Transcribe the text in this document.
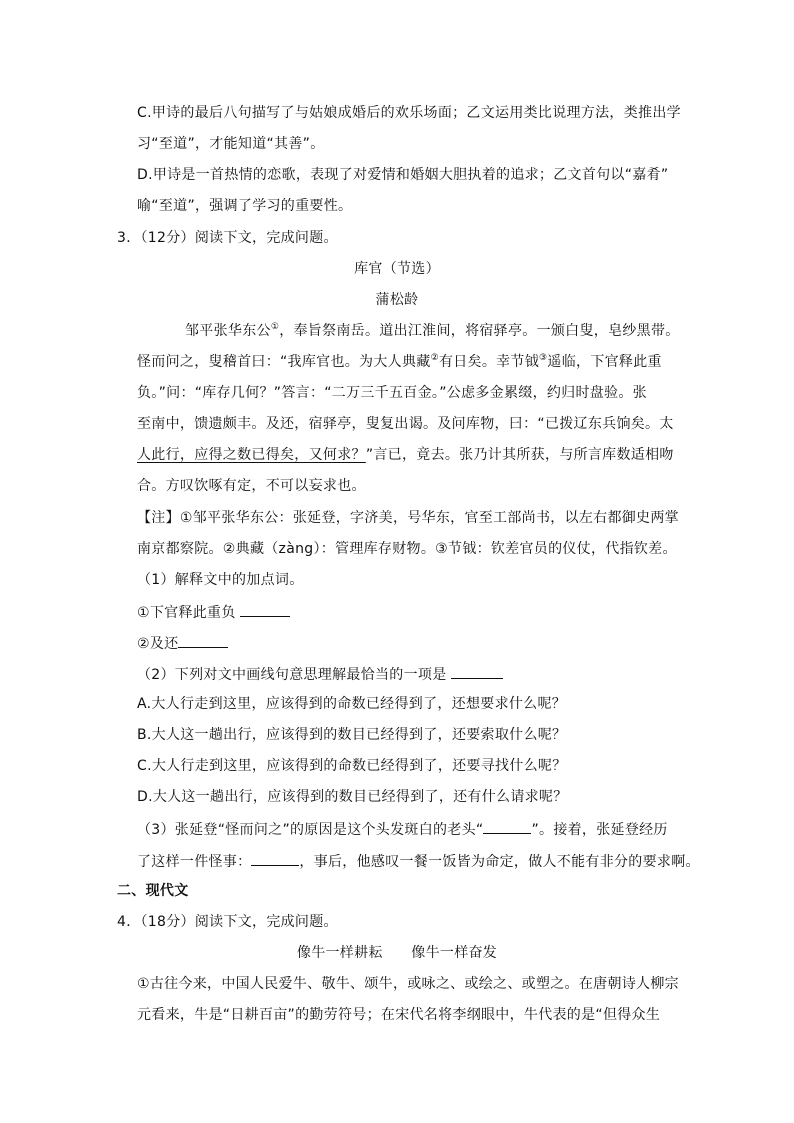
C.甲诗的最后八句描写了与姑娘成婚后的欢乐场面；乙文运用类比说理方法，类推出学
习“至道”，才能知道“其善”。
D.甲诗是一首热情的恋歌，表现了对爱情和婚姻大胆执着的追求；乙文首句以“嘉肴”
喻“至道”，强调了学习的重要性。
3．（12分）阅读下文，完成问题。
库官（节选）
蒲松龄
邹平张华东公①，奉旨祭南岳。道出江淮间，将宿驿亭。一颁白叟，皂纱黑带。
怪而问之，叟稽首曰：“我库官也。为大人典藏②有日矣。幸节钺③遥临，下官释此重
负。”问：“库存几何？”答言：“二万三千五百金。”公虑多金累缀，约归时盘验。张
至南中，馈遗颇丰。及还，宿驿亭，叟复出谒。及问库物，曰：“已拨辽东兵饷矣。太
人此行，应得之数已得矣，又何求？”言已，竟去。张乃计其所获，与所言库数适相吻
合。方叹饮啄有定，不可以妄求也。
【注】①邹平张华东公：张延登，字济美，号华东，官至工部尚书，以左右都御史两掌
南京都察院。②典藏（zàng）：管理库存财物。③节钺：钦差官员的仪仗，代指钦差。
（1）解释文中的加点词。
①下官释此重负
②及还
（2）下列对文中画线句意思理解最恰当的一项是
A.大人行走到这里，应该得到的命数已经得到了，还想要求什么呢？
B.大人这一趟出行，应该得到的数目已经得到了，还要索取什么呢？
C.大人行走到这里，应该得到的命数已经得到了，还要寻找什么呢？
D.大人这一趟出行，应该得到的数目已经得到了，还有什么请求呢？
（3）张延登“怪而问之”的原因是这个头发斑白的老头“	”。接着，张延登经历
了这样一件怪事：	，事后，他感叹一餐一饭皆为命定，做人不能有非分的要求啊。
二、现代文
4．（18分）阅读下文，完成问题。
像牛一样耕耘　　像牛一样奋发
①古往今来，中国人民爱牛、敬牛、颂牛，或咏之、或绘之、或塑之。在唐朝诗人柳宗
元看来，牛是“日耕百亩”的勤劳符号；在宋代名将李纲眼中，牛代表的是“但得众生
